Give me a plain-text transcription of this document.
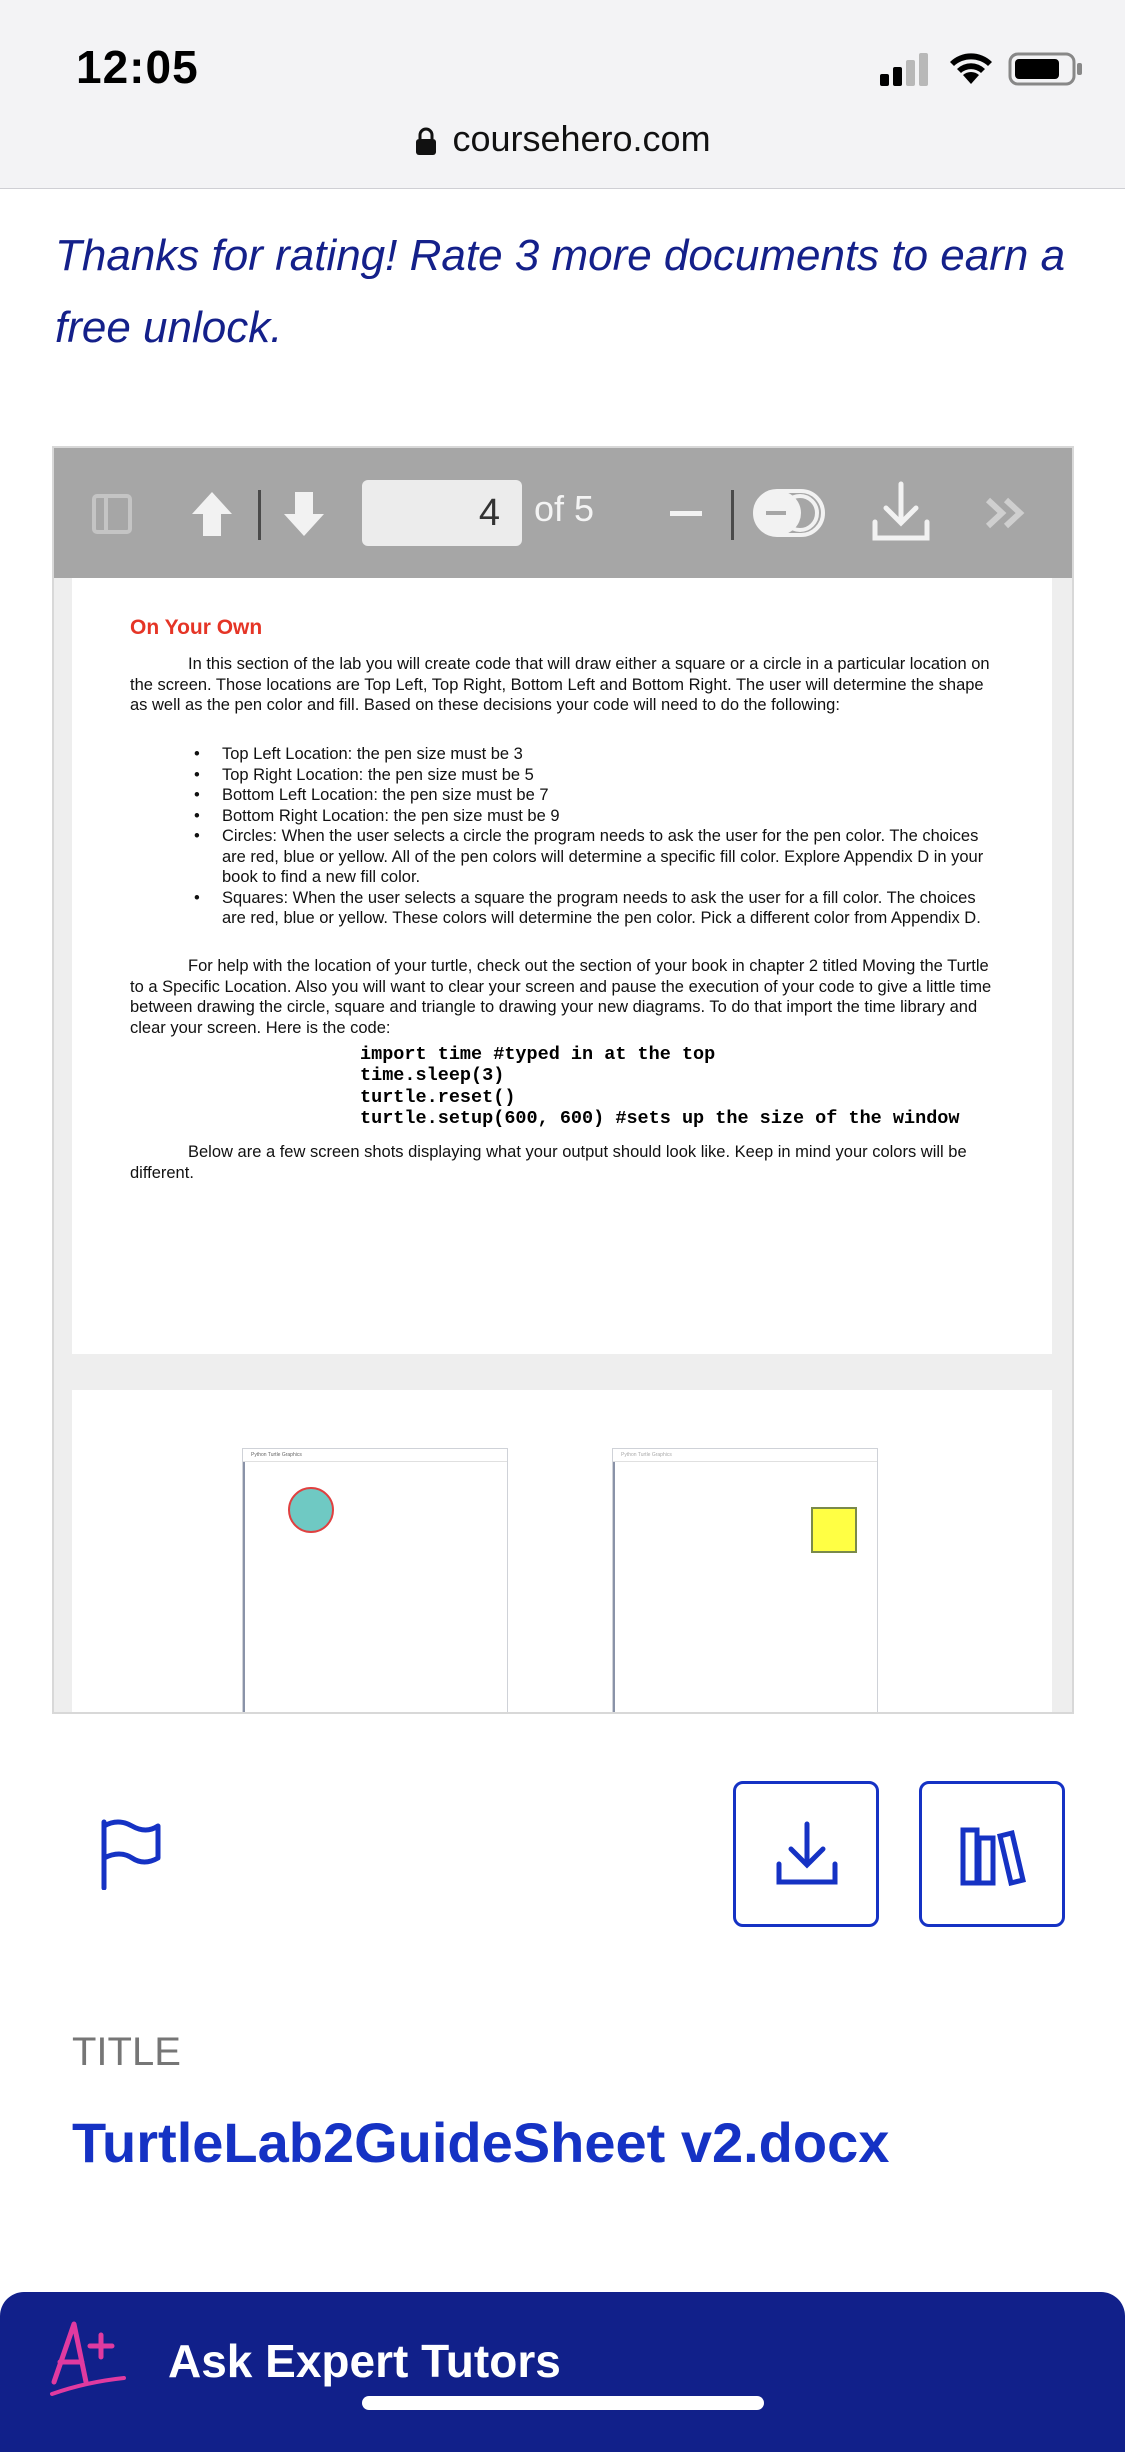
12:05
coursehero.com
Thanks for rating! Rate 3 more documents to earn a free unlock.
4 of 5
On Your Own
In this section of the lab you will create code that will draw either a square or a circle in a particular location on the screen. Those locations are Top Left, Top Right, Bottom Left and Bottom Right. The user will determine the shape as well as the pen color and fill. Based on these decisions your code will need to do the following:
• Top Left Location: the pen size must be 3
• Top Right Location: the pen size must be 5
• Bottom Left Location: the pen size must be 7
• Bottom Right Location: the pen size must be 9
• Circles: When the user selects a circle the program needs to ask the user for the pen color. The choices are red, blue or yellow. All of the pen colors will determine a specific fill color. Explore Appendix D in your book to find a new fill color.
• Squares: When the user selects a square the program needs to ask the user for a fill color. The choices are red, blue or yellow. These colors will determine the pen color. Pick a different color from Appendix D.
For help with the location of your turtle, check out the section of your book in chapter 2 titled Moving the Turtle to a Specific Location. Also you will want to clear your screen and pause the execution of your code to give a little time between drawing the circle, square and triangle to drawing your new diagrams. To do that import the time library and clear your screen. Here is the code:
import time #typed in at the top
time.sleep(3)
turtle.reset()
turtle.setup(600, 600) #sets up the size of the window
Below are a few screen shots displaying what your output should look like. Keep in mind your colors will be different.
Python Turtle Graphics	Python Turtle Graphics
TITLE
TurtleLab2GuideSheet v2.docx
Ask Expert Tutors
